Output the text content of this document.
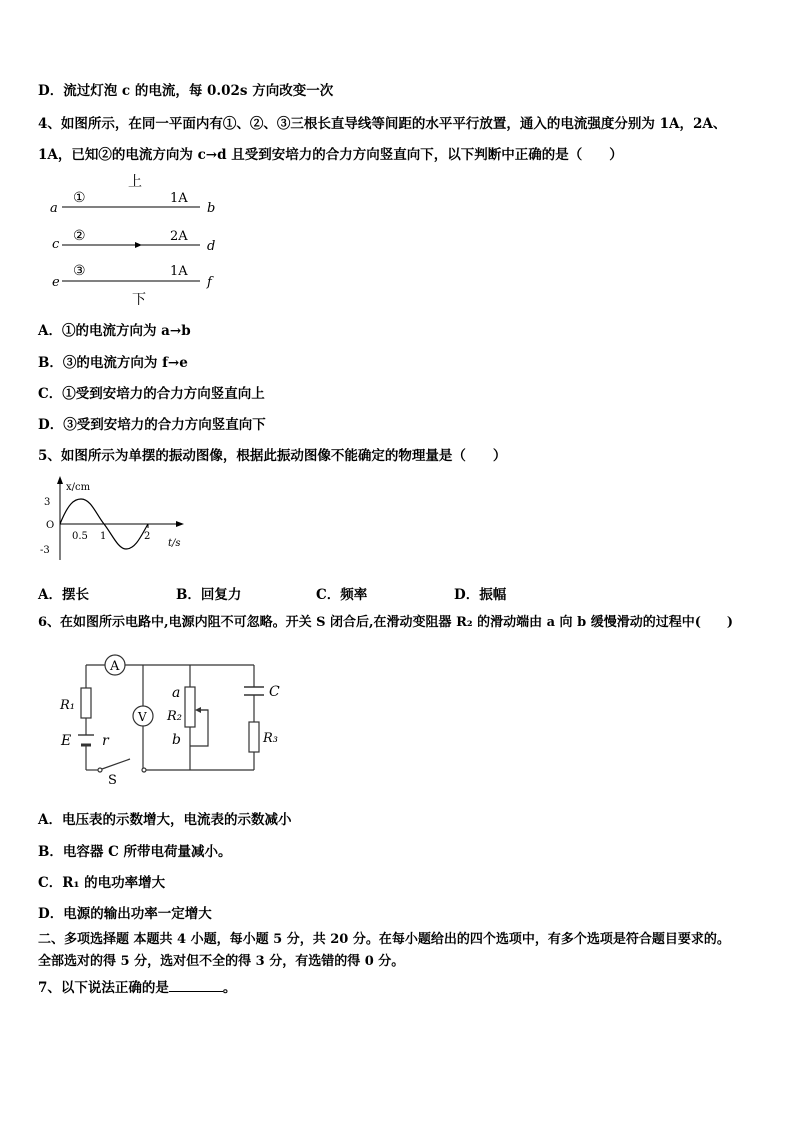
D．流过灯泡 c 的电流，每 0.02s 方向改变一次
4、如图所示，在同一平面内有①、②、③三根长直导线等间距的水平平行放置，通入的电流强度分别为 1A，2A、
1A，已知②的电流方向为 c→d 且受到安培力的合力方向竖直向下，以下判断中正确的是（　　）
上
a
①	1A
b
c
②	2A
d
e
③	1A
f
下
A．①的电流方向为 a→b
B．③的电流方向为 f→e
C．①受到安培力的合力方向竖直向上
D．③受到安培力的合力方向竖直向下
5、如图所示为单摆的振动图像，根据此振动图像不能确定的物理量是（　　）
x/cm
t/s
3
O
-3
0.5 1	2
A．摆长	B．回复力	C．频率	D．振幅
6、在如图所示电路中,电源内阻不可忽略。开关 S 闭合后,在滑动变阻器 R₂ 的滑动端由 a 向 b 缓慢滑动的过程中(　　)
A
V
R₁
E r
S
a
R₂
b
C
R₃
A．电压表的示数增大，电流表的示数减小
B．电容器 C 所带电荷量减小。
C．R₁ 的电功率增大
D．电源的输出功率一定增大
二、多项选择题 本题共 4 小题，每小题 5 分，共 20 分。在每小题给出的四个选项中，有多个选项是符合题目要求的。
全部选对的得 5 分，选对但不全的得 3 分，有选错的得 0 分。
7、以下说法正确的是	。
